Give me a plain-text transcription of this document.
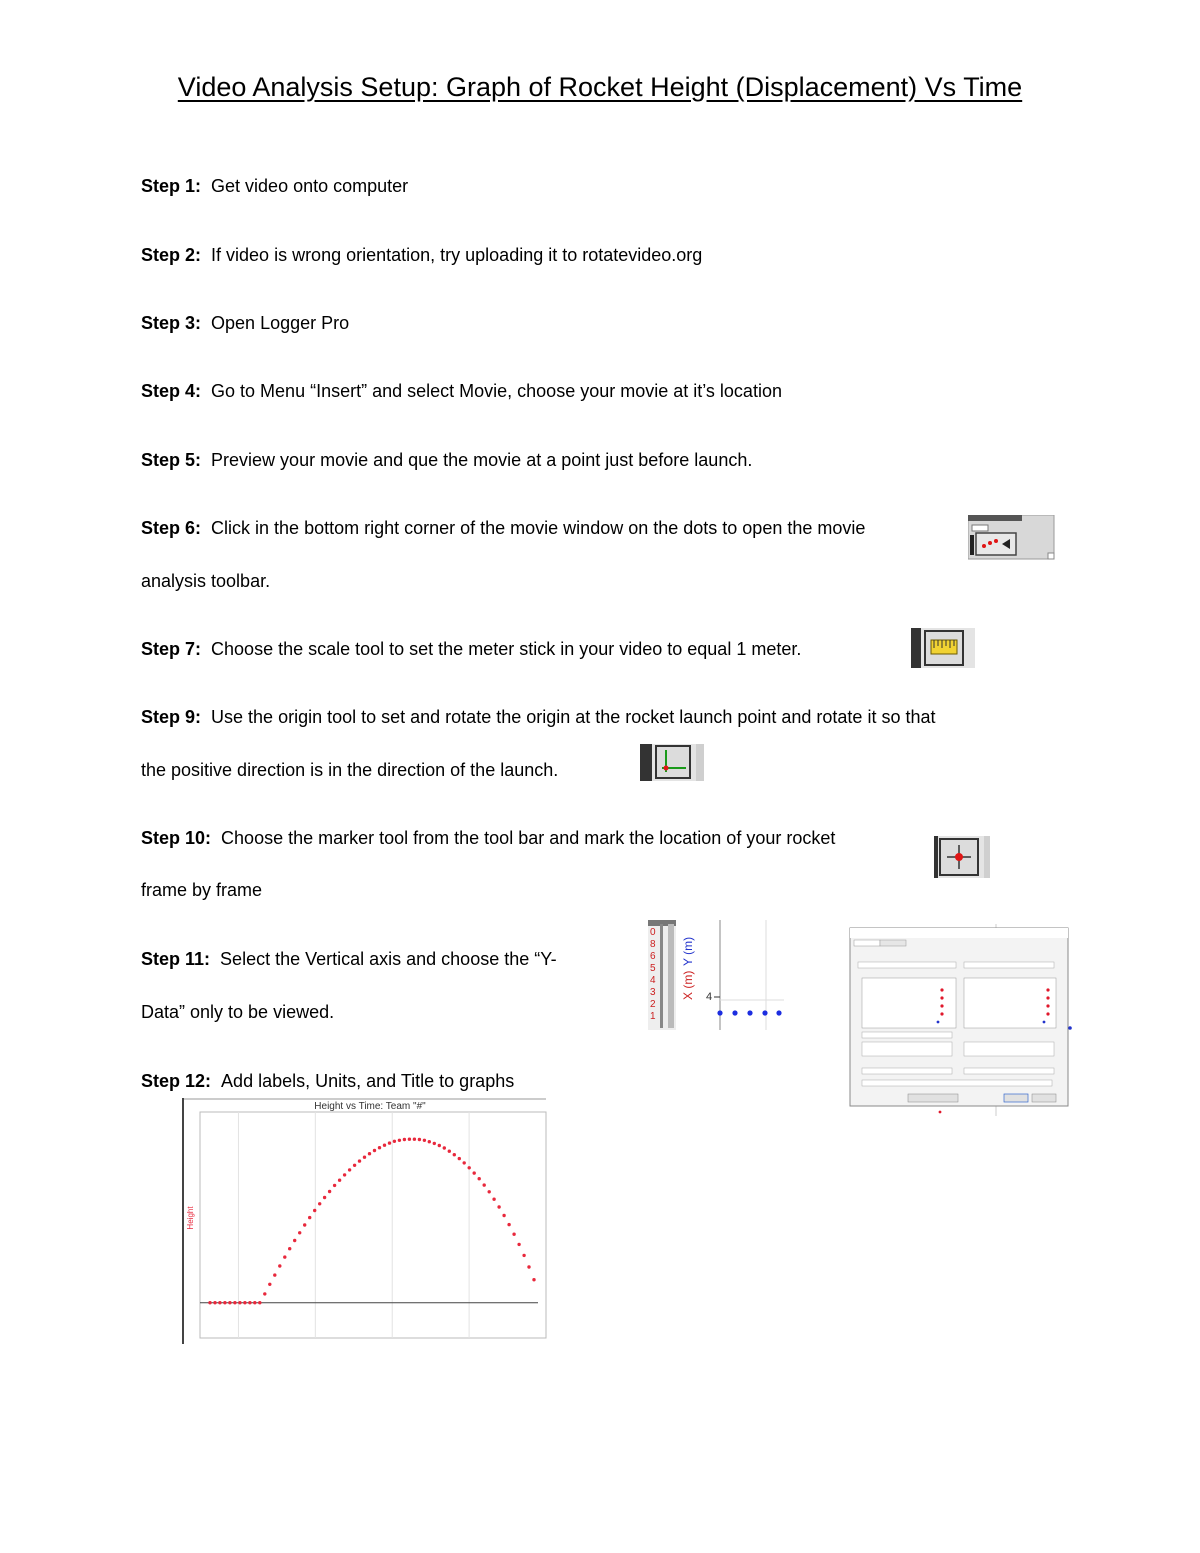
Video Analysis Setup: Graph of Rocket Height (Displacement) Vs Time
Step 1: Get video onto computer
Step 2: If video is wrong orientation, try uploading it to rotatevideo.org
Step 3: Open Logger Pro
Step 4: Go to Menu “Insert” and select Movie, choose your movie at it’s location
Step 5: Preview your movie and que the movie at a point just before launch.
Step 6: Click in the bottom right corner of the movie window on the dots to open the movie
analysis toolbar.
Step 7: Choose the scale tool to set the meter stick in your video to equal 1 meter.
Step 9: Use the origin tool to set and rotate the origin at the rocket launch point and rotate it so that
the positive direction is in the direction of the launch.
Step 10: Choose the marker tool from the tool bar and mark the location of your rocket
frame by frame
Step 11: Select the Vertical axis and choose the “Y-
Data” only to be viewed.
Step 12: Add labels, Units, and Title to graphs
0
8
6
5
4
3
2
1
Y (m)
X (m) 4
Height vs Time: Team "#"
Height
